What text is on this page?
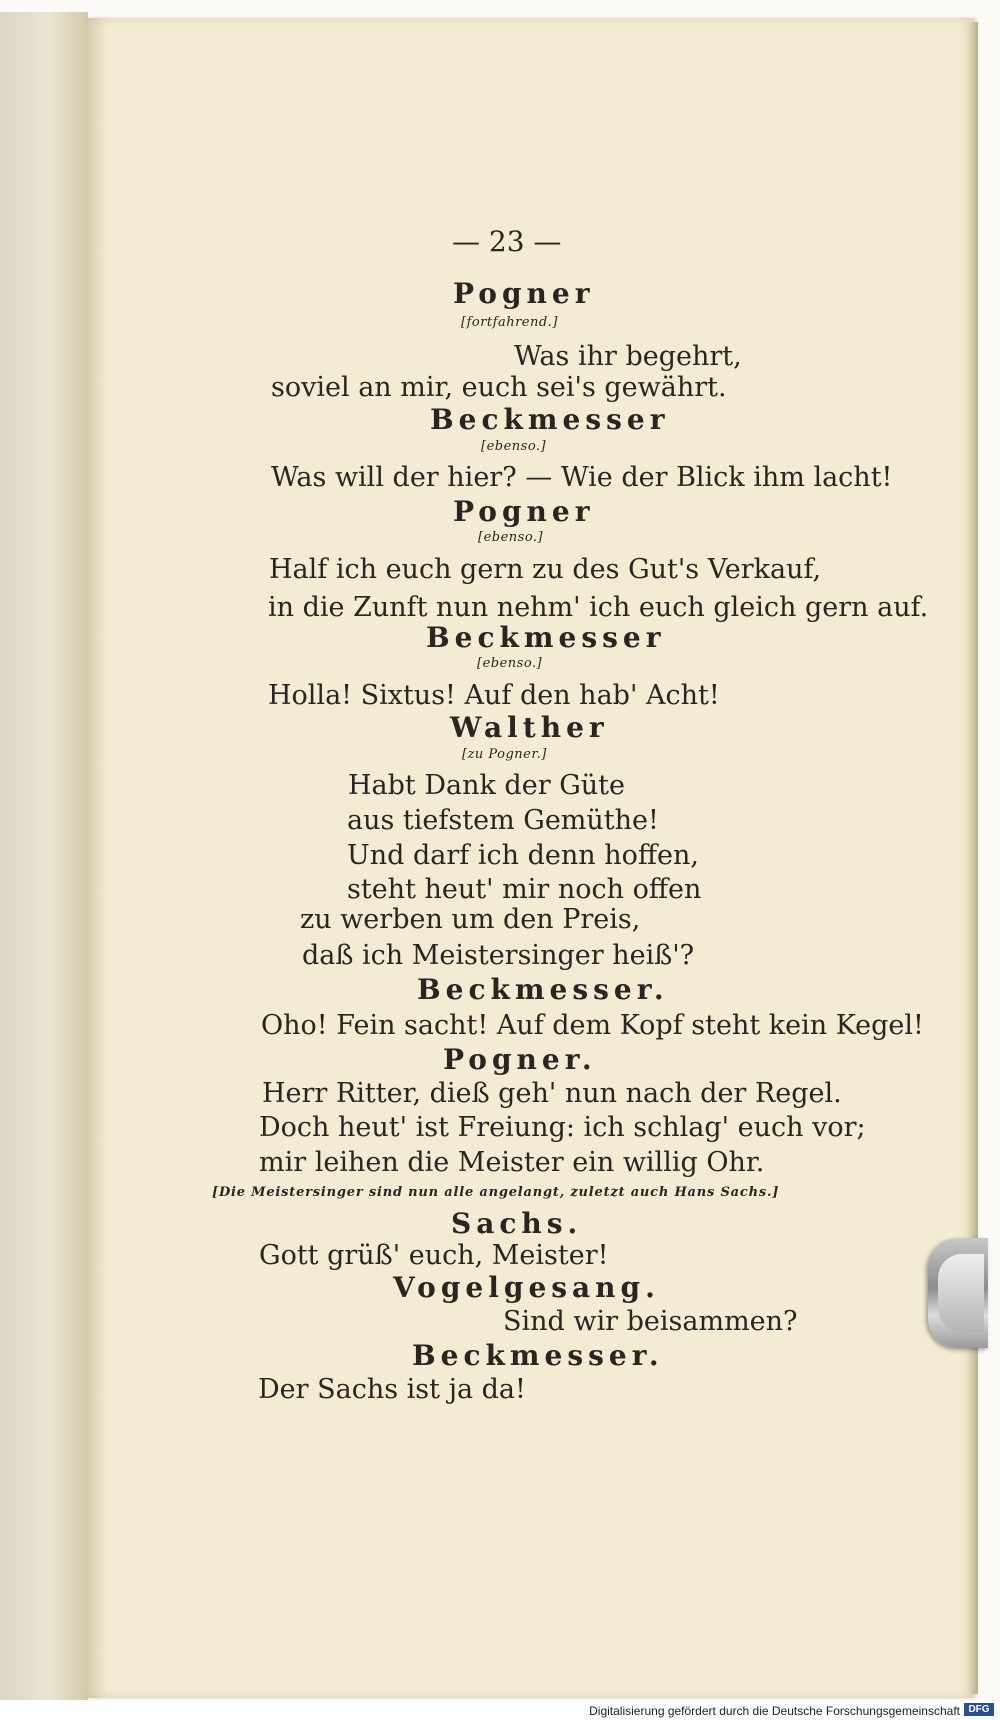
— 23 —
Pogner
[fortfahrend.]
Was ihr begehrt,
soviel an mir, euch sei's gewährt.
Beckmesser
[ebenso.]
Was will der hier? — Wie der Blick ihm lacht!
Pogner
[ebenso.]
Half ich euch gern zu des Gut's Verkauf,
in die Zunft nun nehm' ich euch gleich gern auf.
Beckmesser
[ebenso.]
Holla! Sixtus! Auf den hab' Acht!
Walther
[zu Pogner.]
Habt Dank der Güte
aus tiefstem Gemüthe!
Und darf ich denn hoffen,
steht heut' mir noch offen
zu werben um den Preis,
daß ich Meistersinger heiß'?
Beckmesser.
Oho! Fein sacht! Auf dem Kopf steht kein Kegel!
Pogner.
Herr Ritter, dieß geh' nun nach der Regel.
Doch heut' ist Freiung: ich schlag' euch vor;
mir leihen die Meister ein willig Ohr.
[Die Meistersinger sind nun alle angelangt, zuletzt auch Hans Sachs.]
Sachs.
Gott grüß' euch, Meister!
Vogelgesang.
Sind wir beisammen?
Beckmesser.
Der Sachs ist ja da!
Digitalisierung gefördert durch die Deutsche Forschungsgemeinschaft DFG
